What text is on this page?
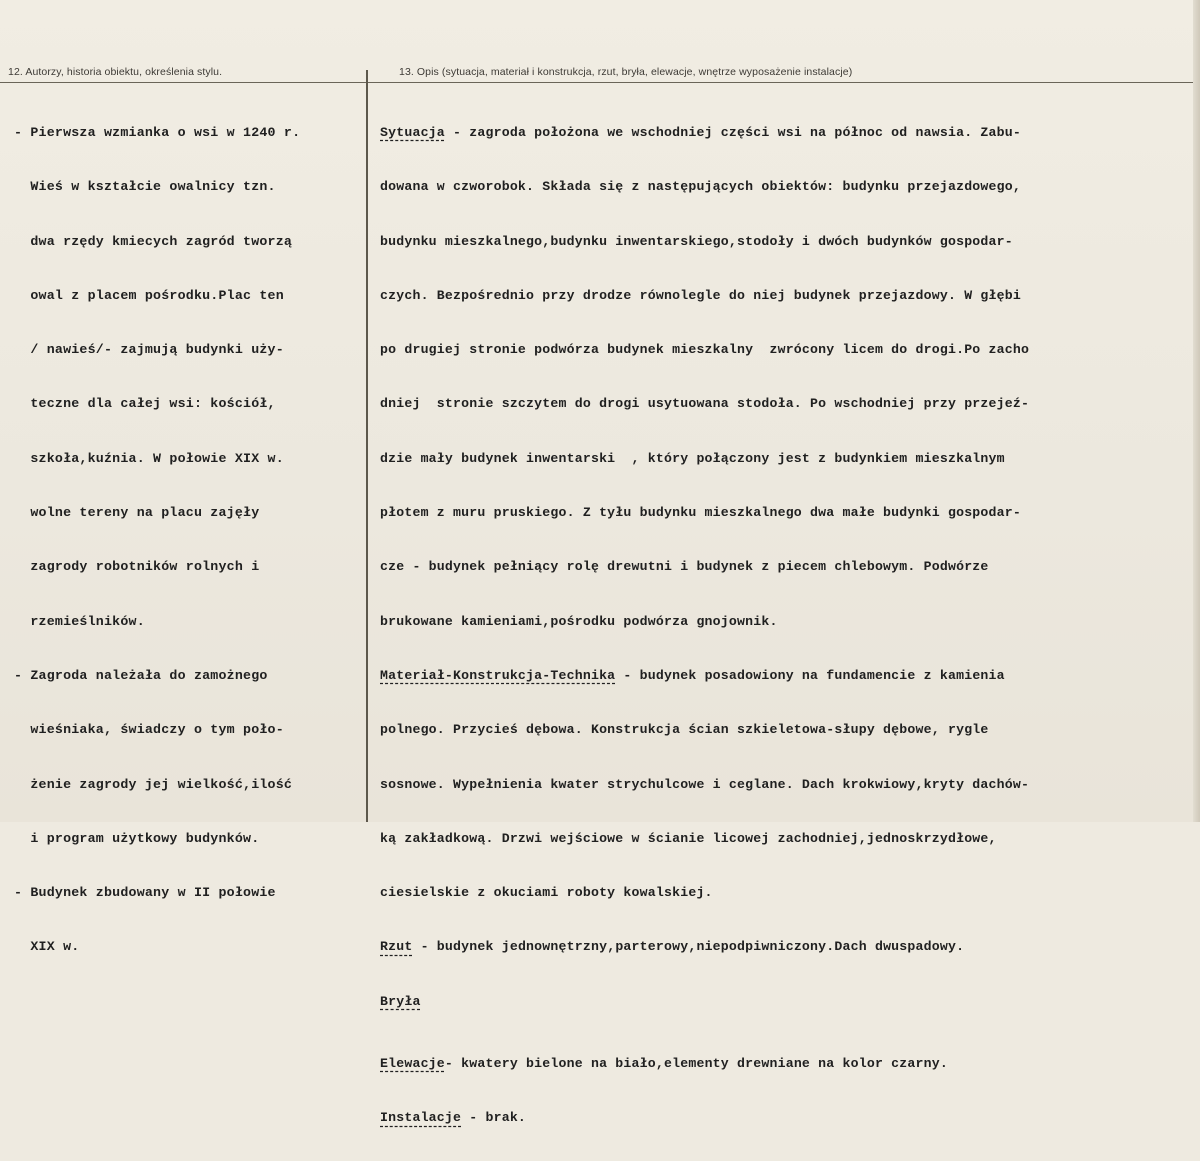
12. Autorzy, historia obiektu, określenia stylu.	13. Opis (sytuacja, materiał i konstrukcja, rzut, bryła, elewacje, wnętrze wyposażenie instalacje)

- Pierwsza wzmianka o wsi w 1240 r.

Wieś w kształcie owalnicy tzn.

dwa rzędy kmiecych zagród tworzą

owal z placem pośrodku.Plac ten

/ nawieś/- zajmują budynki uży-

teczne dla całej wsi: kościół,

szkoła,kuźnia. W połowie XIX w.

wolne tereny na placu zajęły

zagrody robotników rolnych i

rzemieślników.

- Zagroda należała do zamożnego

wieśniaka, świadczy o tym poło-

żenie zagrody jej wielkość,ilość

i program użytkowy budynków.

- Budynek zbudowany w II połowie

XIX w.

Sytuacja - zagroda położona we wschodniej części wsi na północ od nawsia. Zabu-

dowana w czworobok. Składa się z następujących obiektów: budynku przejazdowego,

budynku mieszkalnego,budynku inwentarskiego,stodoły i dwóch budynków gospodar-

czych. Bezpośrednio przy drodze równolegle do niej budynek przejazdowy. W głębi

po drugiej stronie podwórza budynek mieszkalny  zwrócony licem do drogi.Po zacho

dniej  stronie szczytem do drogi usytuowana stodoła. Po wschodniej przy przejeź-

dzie mały budynek inwentarski  , który połączony jest z budynkiem mieszkalnym

płotem z muru pruskiego. Z tyłu budynku mieszkalnego dwa małe budynki gospodar-

cze - budynek pełniący rolę drewutni i budynek z piecem chlebowym. Podwórze

brukowane kamieniami,pośrodku podwórza gnojownik.

Materiał-Konstrukcja-Technika - budynek posadowiony na fundamencie z kamienia

polnego. Przycieś dębowa. Konstrukcja ścian szkieletowa-słupy dębowe, rygle

sosnowe. Wypełnienia kwater strychulcowe i ceglane. Dach krokwiowy,kryty dachów-

ką zakładkową. Drzwi wejściowe w ścianie licowej zachodniej,jednoskrzydłowe,

ciesielskie z okuciami roboty kowalskiej.

Rzut - budynek jednownętrzny,parterowy,niepodpiwniczony.Dach dwuspadowy.

Bryła

Elewacje- kwatery bielone na biało,elementy drewniane na kolor czarny.

Instalacje - brak.
